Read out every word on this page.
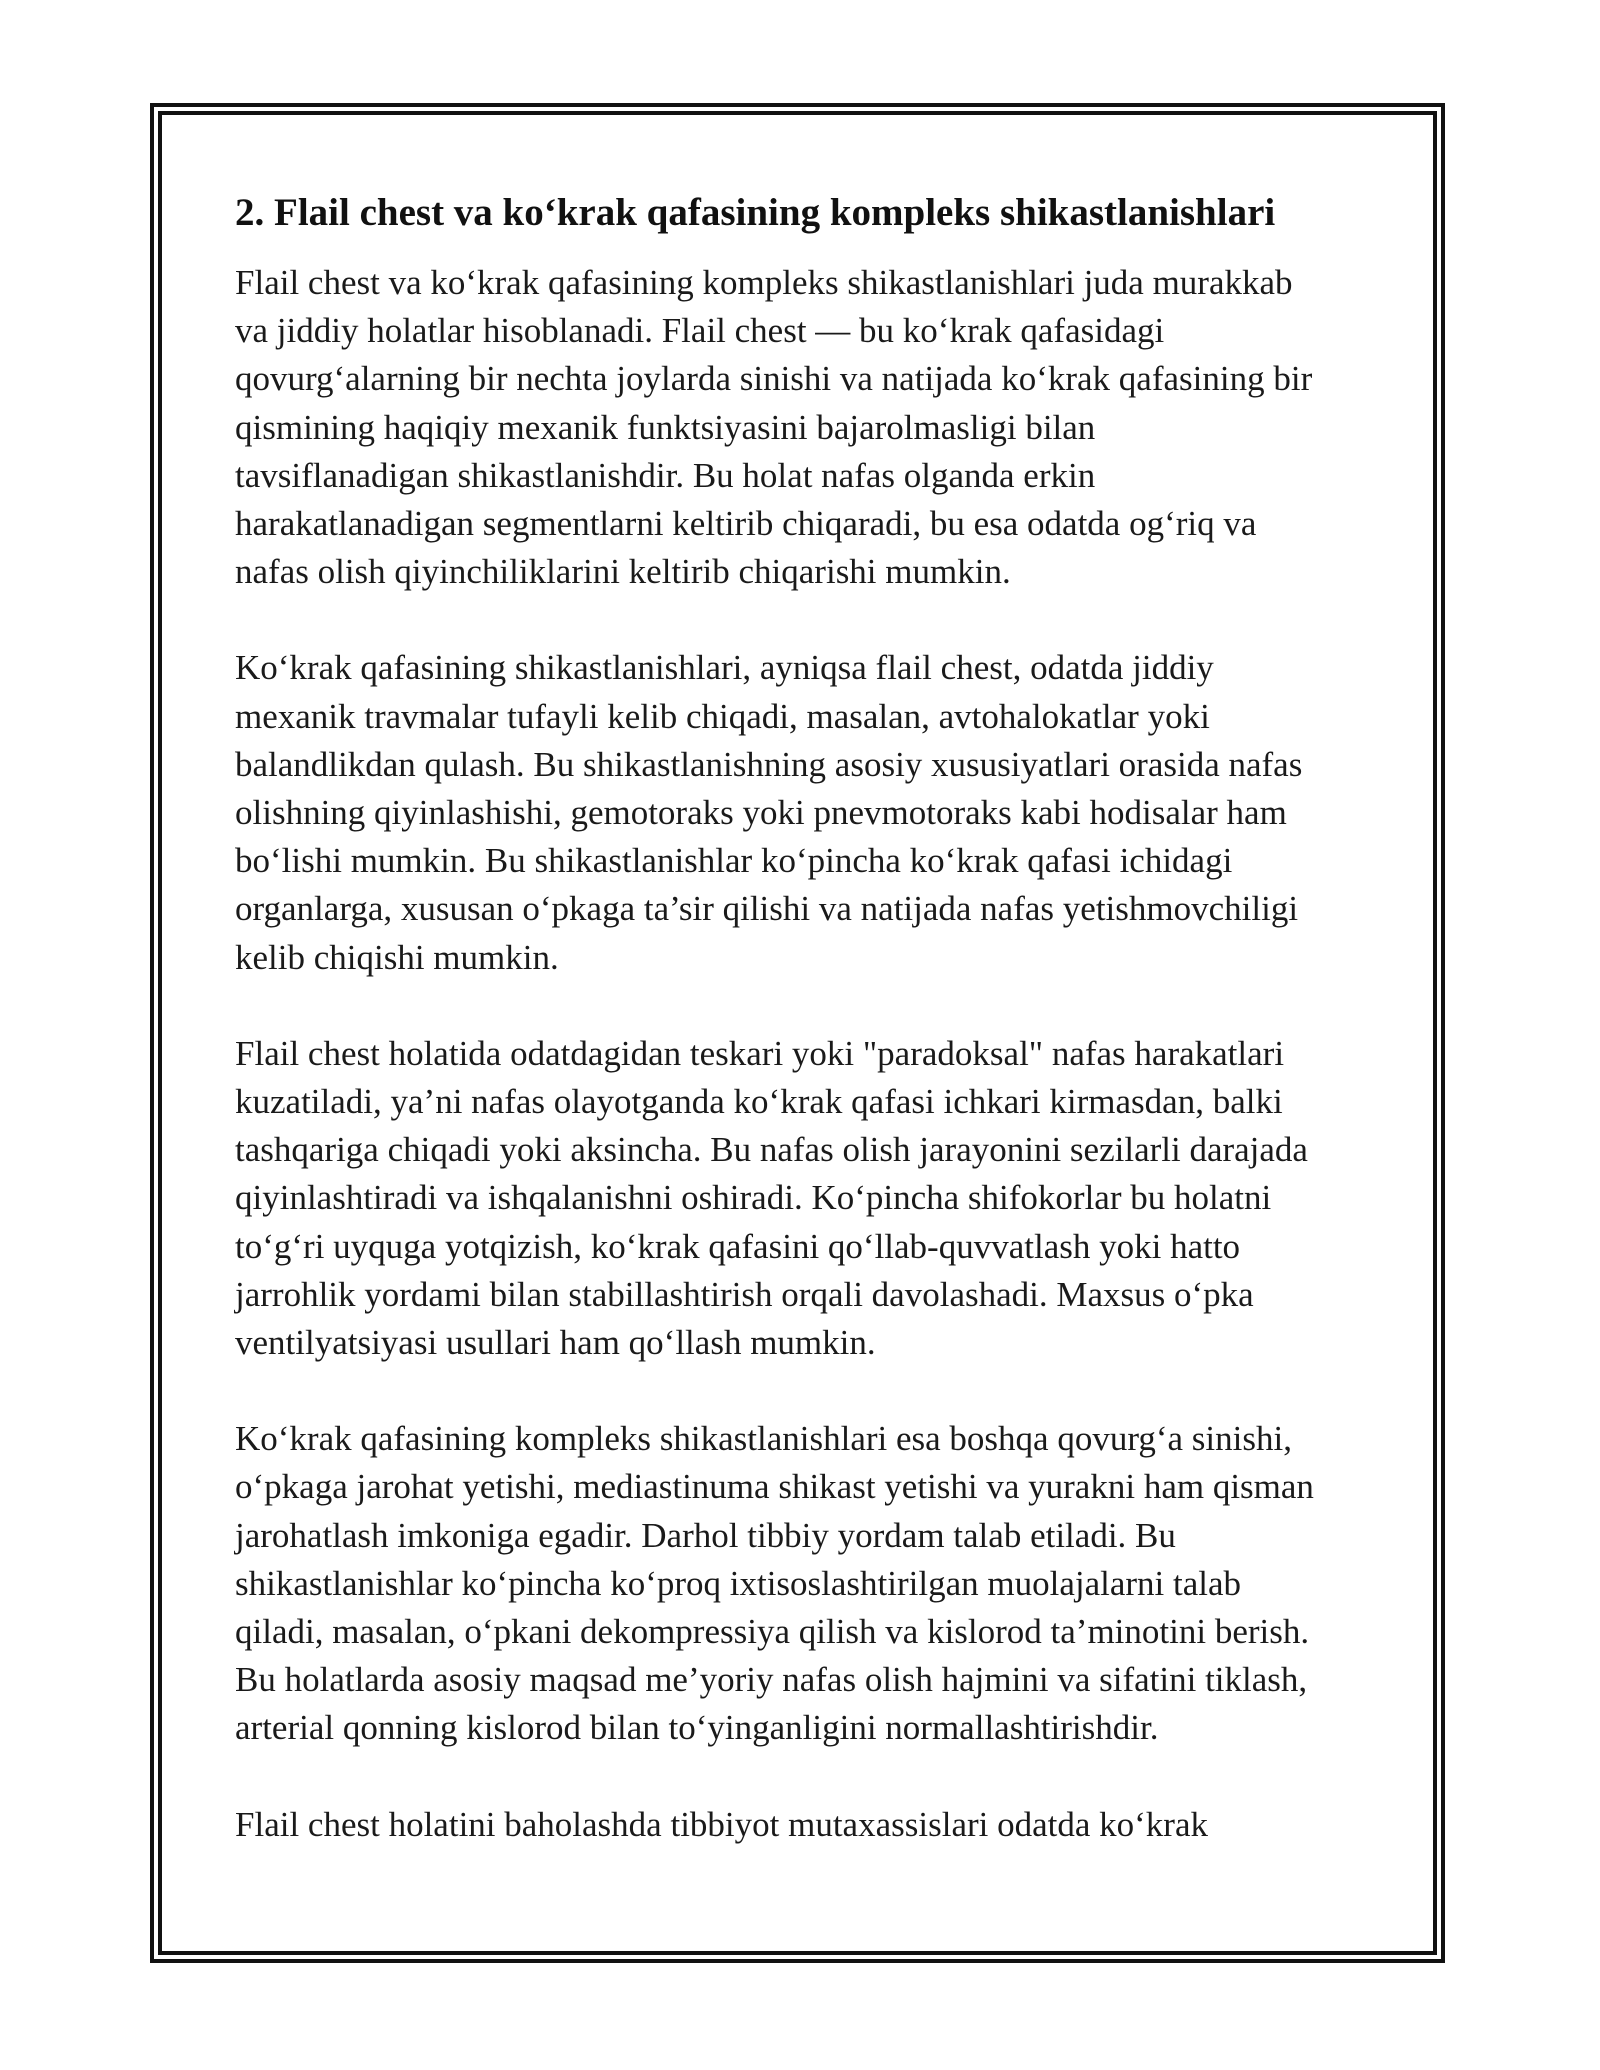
2. Flail chest va ko‘krak qafasining kompleks shikastlanishlari
Flail chest va ko‘krak qafasining kompleks shikastlanishlari juda murakkab
va jiddiy holatlar hisoblanadi. Flail chest — bu ko‘krak qafasidagi
qovurg‘alarning bir nechta joylarda sinishi va natijada ko‘krak qafasining bir
qismining haqiqiy mexanik funktsiyasini bajarolmasligi bilan
tavsiflanadigan shikastlanishdir. Bu holat nafas olganda erkin
harakatlanadigan segmentlarni keltirib chiqaradi, bu esa odatda og‘riq va
nafas olish qiyinchiliklarini keltirib chiqarishi mumkin.
Ko‘krak qafasining shikastlanishlari, ayniqsa flail chest, odatda jiddiy
mexanik travmalar tufayli kelib chiqadi, masalan, avtohalokatlar yoki
balandlikdan qulash. Bu shikastlanishning asosiy xususiyatlari orasida nafas
olishning qiyinlashishi, gemotoraks yoki pnevmotoraks kabi hodisalar ham
bo‘lishi mumkin. Bu shikastlanishlar ko‘pincha ko‘krak qafasi ichidagi
organlarga, xususan o‘pkaga ta’sir qilishi va natijada nafas yetishmovchiligi
kelib chiqishi mumkin.
Flail chest holatida odatdagidan teskari yoki "paradoksal" nafas harakatlari
kuzatiladi, ya’ni nafas olayotganda ko‘krak qafasi ichkari kirmasdan, balki
tashqariga chiqadi yoki aksincha. Bu nafas olish jarayonini sezilarli darajada
qiyinlashtiradi va ishqalanishni oshiradi. Ko‘pincha shifokorlar bu holatni
to‘g‘ri uyquga yotqizish, ko‘krak qafasini qo‘llab-quvvatlash yoki hatto
jarrohlik yordami bilan stabillashtirish orqali davolashadi. Maxsus o‘pka
ventilyatsiyasi usullari ham qo‘llash mumkin.
Ko‘krak qafasining kompleks shikastlanishlari esa boshqa qovurg‘a sinishi,
o‘pkaga jarohat yetishi, mediastinuma shikast yetishi va yurakni ham qisman
jarohatlash imkoniga egadir. Darhol tibbiy yordam talab etiladi. Bu
shikastlanishlar ko‘pincha ko‘proq ixtisoslashtirilgan muolajalarni talab
qiladi, masalan, o‘pkani dekompressiya qilish va kislorod ta’minotini berish.
Bu holatlarda asosiy maqsad me’yoriy nafas olish hajmini va sifatini tiklash,
arterial qonning kislorod bilan to‘yinganligini normallashtirishdir.
Flail chest holatini baholashda tibbiyot mutaxassislari odatda ko‘krak
